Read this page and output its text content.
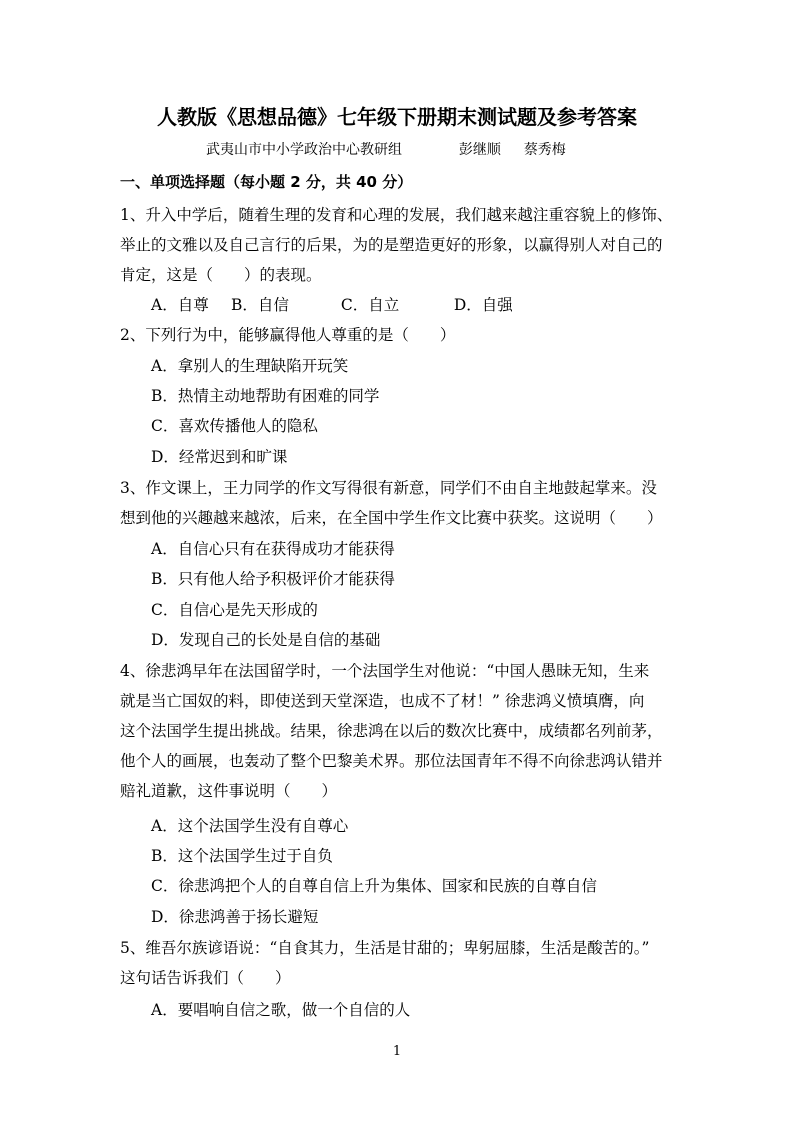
人教版《思想品德》七年级下册期末测试题及参考答案
武夷山市中小学政治中心教研组	彭继顺 蔡秀梅
一、单项选择题（每小题 2 分，共 40 分）
1、升入中学后，随着生理的发育和心理的发展，我们越来越注重容貌上的修饰、
举止的文雅以及自己言行的后果，为的是塑造更好的形象，以赢得别人对自己的
肯定，这是（　　）的表现。
A．自尊 B．自信	C．自立	D．自强
2、下列行为中，能够赢得他人尊重的是（　　）
A．拿别人的生理缺陷开玩笑
B．热情主动地帮助有困难的同学
C．喜欢传播他人的隐私
D．经常迟到和旷课
3、作文课上，王力同学的作文写得很有新意，同学们不由自主地鼓起掌来。没
想到他的兴趣越来越浓，后来，在全国中学生作文比赛中获奖。这说明（　　）
A．自信心只有在获得成功才能获得
B．只有他人给予积极评价才能获得
C．自信心是先天形成的
D．发现自己的长处是自信的基础
4、徐悲鸿早年在法国留学时，一个法国学生对他说：“中国人愚昧无知，生来
就是当亡国奴的料，即使送到天堂深造，也成不了材！” 徐悲鸿义愤填膺，向
这个法国学生提出挑战。结果，徐悲鸿在以后的数次比赛中，成绩都名列前茅，
他个人的画展，也轰动了整个巴黎美术界。那位法国青年不得不向徐悲鸿认错并
赔礼道歉，这件事说明（　　）
A．这个法国学生没有自尊心
B．这个法国学生过于自负
C．徐悲鸿把个人的自尊自信上升为集体、国家和民族的自尊自信
D．徐悲鸿善于扬长避短
5、维吾尔族谚语说：“自食其力，生活是甘甜的；卑躬屈膝，生活是酸苦的。”
这句话告诉我们（　　）
A．要唱响自信之歌，做一个自信的人
1
